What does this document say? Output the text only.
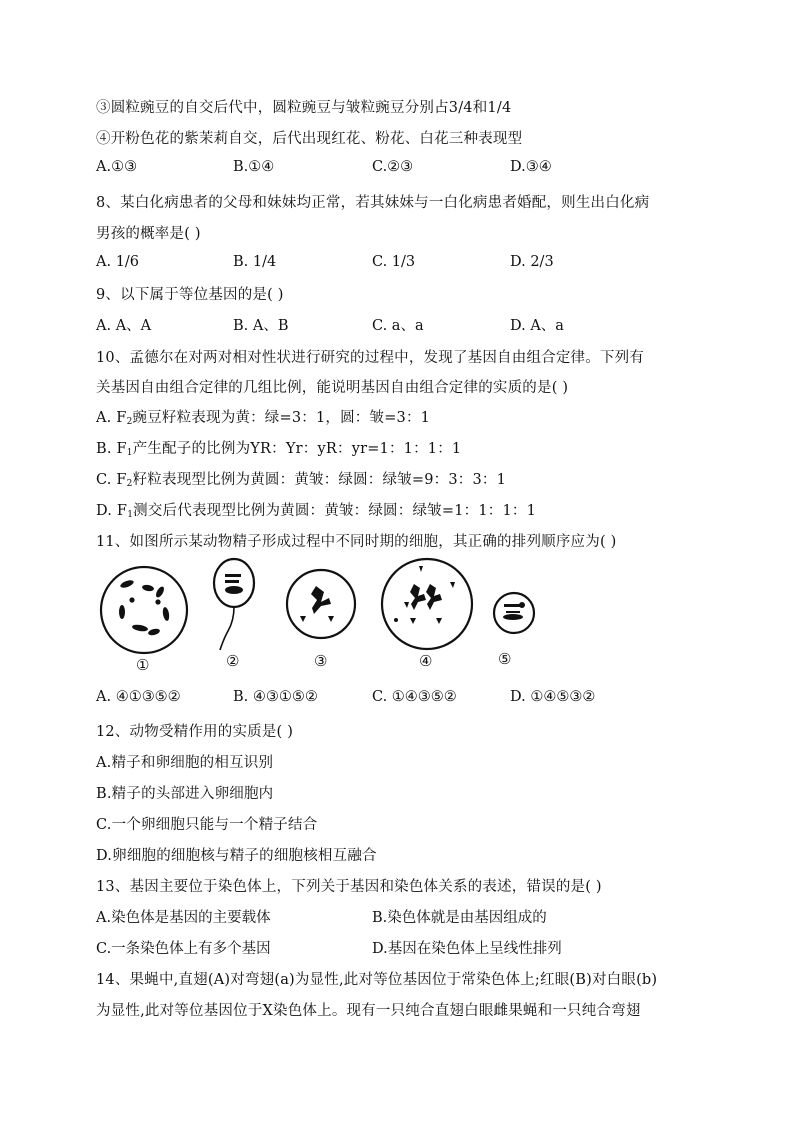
③圆粒豌豆的自交后代中，圆粒豌豆与皱粒豌豆分别占3/4和1/4
④开粉色花的紫茉莉自交，后代出现红花、粉花、白花三种表现型
A.①③	B.①④	C.②③	D.③④
8、某白化病患者的父母和妹妹均正常，若其妹妹与一白化病患者婚配，则生出白化病
男孩的概率是( )
A. 1/6	B. 1/4	C. 1/3	D. 2/3
9、以下属于等位基因的是( )
A. A、A	B. A、B	C. a、a	D. A、a
10、孟德尔在对两对相对性状进行研究的过程中，发现了基因自由组合定律。下列有
关基因自由组合定律的几组比例，能说明基因自由组合定律的实质的是( )
A. $F_2$豌豆籽粒表现为黄：绿=3：1，圆：皱=3：1
B. $F_1$产生配子的比例为YR：Yr：yR：yr=1：1：1：1
C. $F_2$籽粒表现型比例为黄圆：黄皱：绿圆：绿皱=9：3：3：1
D. $F_1$测交后代表现型比例为黄圆：黄皱：绿圆：绿皱=1：1：1：1
11、如图所示某动物精子形成过程中不同时期的细胞，其正确的排列顺序应为( )
①	②	③	④	⑤
A. ④①③⑤②	B. ④③①⑤②	C. ①④③⑤②	D. ①④⑤③②
12、动物受精作用的实质是( )
A.精子和卵细胞的相互识别
B.精子的头部进入卵细胞内
C.一个卵细胞只能与一个精子结合
D.卵细胞的细胞核与精子的细胞核相互融合
13、基因主要位于染色体上，下列关于基因和染色体关系的表述，错误的是( )
A.染色体是基因的主要载体	B.染色体就是由基因组成的
C.一条染色体上有多个基因	D.基因在染色体上呈线性排列
14、果蝇中,直翅(A)对弯翅(a)为显性,此对等位基因位于常染色体上;红眼(B)对白眼(b)
为显性,此对等位基因位于X染色体上。现有一只纯合直翅白眼雌果蝇和一只纯合弯翅
